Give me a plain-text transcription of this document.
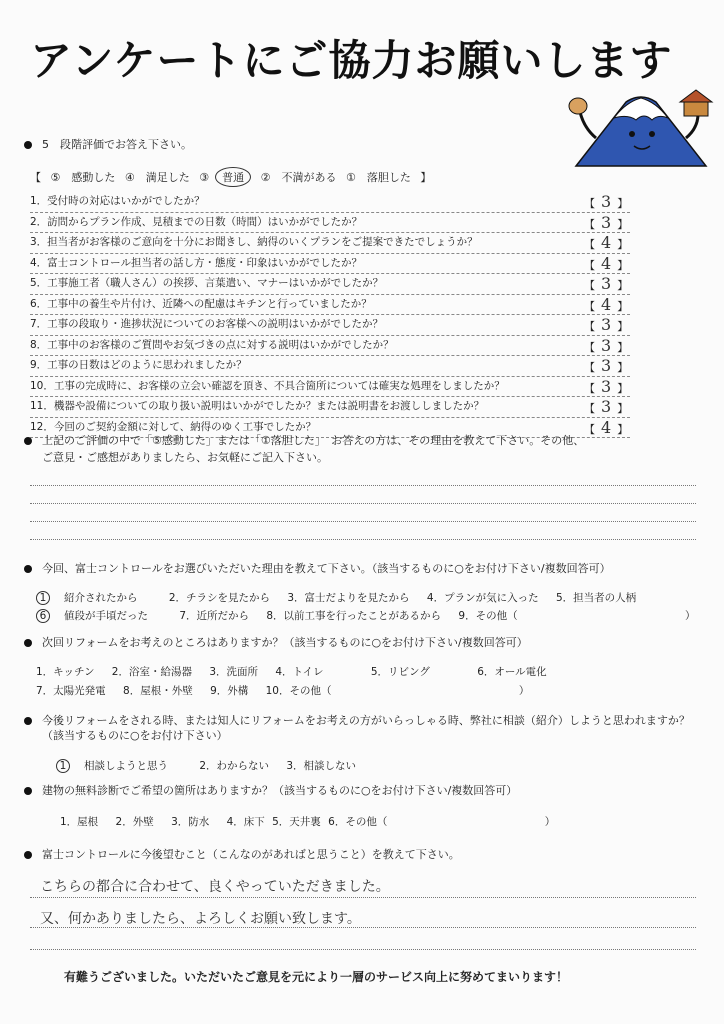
アンケートにご協力お願いします
5　段階評価でお答え下さい。
【 ⑤　感動した ④　満足した ③ 普通 ②　不満がある ①　落胆した 】
1．受付時の対応はいかがでしたか？	【 3 】
2．訪問からプラン作成、見積までの日数（時間）はいかがでしたか？	【 3 】
3．担当者がお客様のご意向を十分にお聞きし、納得のいくプランをご提案できたでしょうか？	【 4 】
4．富士コントロール担当者の話し方・態度・印象はいかがでしたか？	【 4 】
5．工事施工者（職人さん）の挨拶、言葉遣い、マナーはいかがでしたか？	【 3 】
6．工事中の養生や片付け、近隣への配慮はキチンと行っていましたか？	【 4 】
7．工事の段取り・進捗状況についてのお客様への説明はいかがでしたか？	【 3 】
8．工事中のお客様のご質問やお気づきの点に対する説明はいかがでしたか？	【 3 】
9．工事の日数はどのように思われましたか？	【 3 】
10．工事の完成時に、お客様の立会い確認を頂き、不具合箇所については確実な処理をしましたか？	【 3 】
11．機器や設備についての取り扱い説明はいかがでしたか？または説明書をお渡ししましたか？	【 3 】
12．今回のご契約金額に対して、納得のゆく工事でしたか？	【 4 】
上記のご評価の中で「⑤感動した」または「①落胆した」　お答えの方は、その理由を教えて下さい。その他、
ご意見・ご感想がありましたら、お気軽にご記入下さい。
今回、富士コントロールをお選びいただいた理由を教えて下さい。（該当するものに○をお付け下さい/複数回答可）
1 紹介されたから	2．チラシを見たから 3．富士だよりを見たから 4．プランが気に入った 5．担当者の人柄
6 値段が手頃だった	7．近所だから 8．以前工事を行ったことがあるから 9．その他（	）
次回リフォームをお考えのところはありますか？（該当するものに○をお付け下さい/複数回答可）
1．キッチン 2．浴室・給湯器 3．洗面所 4．トイレ	5．リビング	6．オール電化
7．太陽光発電 8．屋根・外壁 9．外構 10．その他（	）
今後リフォームをされる時、または知人にリフォームをお考えの方がいらっしゃる時、弊社に相談（紹介）しようと思われますか？
（該当するものに○をお付け下さい）
1 相談しようと思う	2．わからない 3．相談しない
建物の無料診断でご希望の箇所はありますか？（該当するものに○をお付け下さい/複数回答可）
1．屋根 2．外壁 3．防水 4．床下 5．天井裏 6．その他（	）
富士コントロールに今後望むこと（こんなのがあればと思うこと）を教えて下さい。
こちらの都合に合わせて、良くやっていただきました。
又、何かありましたら、よろしくお願い致します。
有難うございました。いただいたご意見を元により一層のサービス向上に努めてまいります！
